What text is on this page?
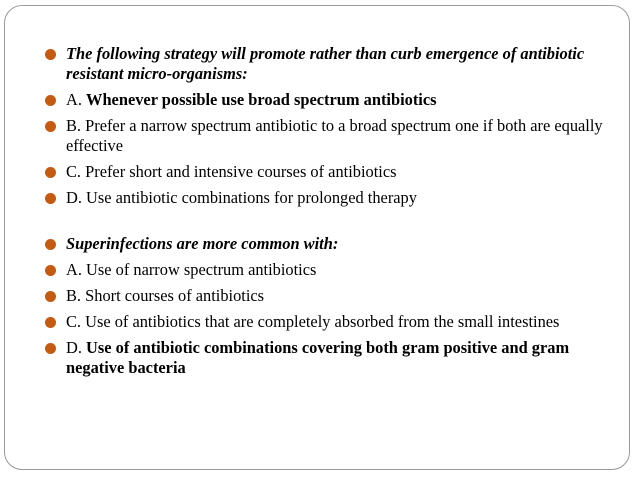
The following strategy will promote rather than curb emergence of antibiotic resistant micro-organisms:
A. Whenever possible use broad spectrum antibiotics
B. Prefer a narrow spectrum antibiotic to a broad spectrum one if both are equally effective
C. Prefer short and intensive courses of antibiotics
D. Use antibiotic combinations for prolonged therapy
Superinfections are more common with:
A. Use of narrow spectrum antibiotics
B. Short courses of antibiotics
C. Use of antibiotics that are completely absorbed from the small intestines
D. Use of antibiotic combinations covering both gram positive and gram negative bacteria
